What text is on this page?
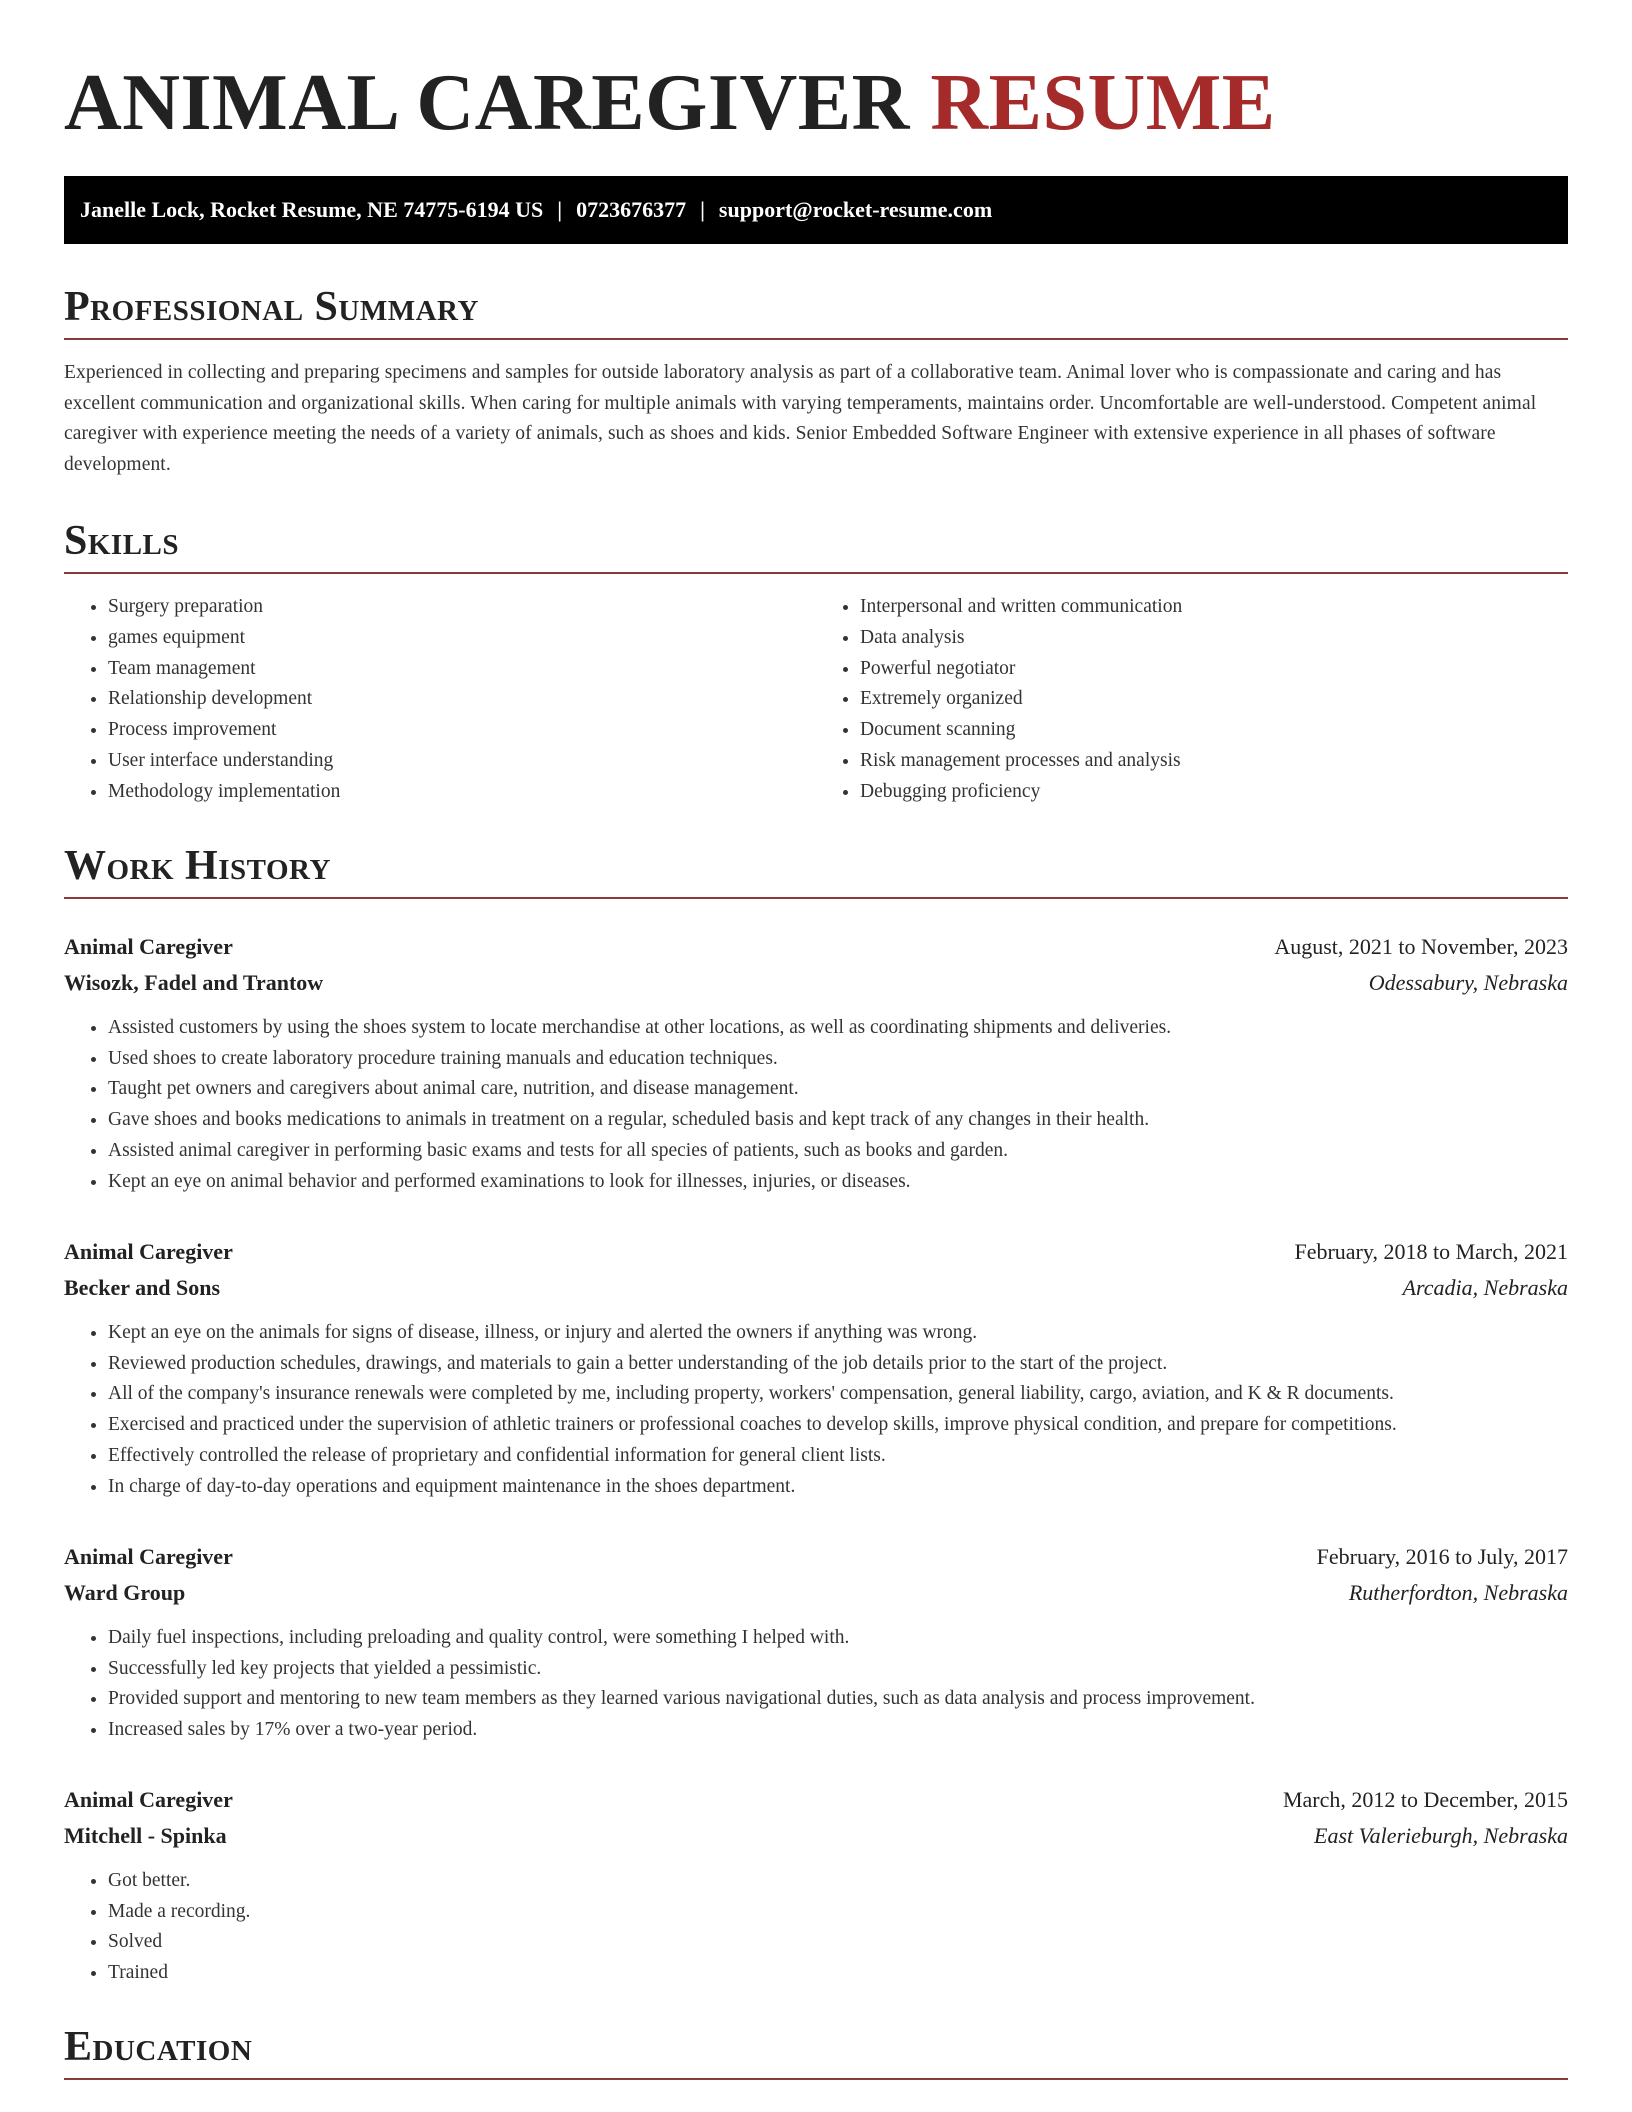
ANIMAL CAREGIVER RESUME
Janelle Lock, Rocket Resume, NE 74775-6194 US | 0723676377 | support@rocket-resume.com
Professional Summary

Experienced in collecting and preparing specimens and samples for outside laboratory analysis as part of a collaborative team. Animal lover who is compassionate and caring and has excellent communication and organizational skills. When caring for multiple animals with varying temperaments, maintains order. Uncomfortable are well-understood. Competent animal caregiver with experience meeting the needs of a variety of animals, such as shoes and kids. Senior Embedded Software Engineer with extensive experience in all phases of software development.

Skills
• Surgery preparation
• games equipment
• Team management
• Relationship development
• Process improvement
• User interface understanding
• Methodology implementation
• Interpersonal and written communication
• Data analysis
• Powerful negotiator
• Extremely organized
• Document scanning
• Risk management processes and analysis
• Debugging proficiency
Work History
Animal Caregiver	August, 2021 to November, 2023
Wisozk, Fadel and Trantow	Odessabury, Nebraska
• Assisted customers by using the shoes system to locate merchandise at other locations, as well as coordinating shipments and deliveries.
• Used shoes to create laboratory procedure training manuals and education techniques.
• Taught pet owners and caregivers about animal care, nutrition, and disease management.
• Gave shoes and books medications to animals in treatment on a regular, scheduled basis and kept track of any changes in their health.
• Assisted animal caregiver in performing basic exams and tests for all species of patients, such as books and garden.
• Kept an eye on animal behavior and performed examinations to look for illnesses, injuries, or diseases.
Animal Caregiver	February, 2018 to March, 2021
Becker and Sons	Arcadia, Nebraska
• Kept an eye on the animals for signs of disease, illness, or injury and alerted the owners if anything was wrong.
• Reviewed production schedules, drawings, and materials to gain a better understanding of the job details prior to the start of the project.
• All of the company's insurance renewals were completed by me, including property, workers' compensation, general liability, cargo, aviation, and K & R documents.
• Exercised and practiced under the supervision of athletic trainers or professional coaches to develop skills, improve physical condition, and prepare for competitions.
• Effectively controlled the release of proprietary and confidential information for general client lists.
• In charge of day-to-day operations and equipment maintenance in the shoes department.
Animal Caregiver	February, 2016 to July, 2017
Ward Group	Rutherfordton, Nebraska
• Daily fuel inspections, including preloading and quality control, were something I helped with.
• Successfully led key projects that yielded a pessimistic.
• Provided support and mentoring to new team members as they learned various navigational duties, such as data analysis and process improvement.
• Increased sales by 17% over a two-year period.
Animal Caregiver	March, 2012 to December, 2015
Mitchell - Spinka	East Valerieburgh, Nebraska
• Got better.
• Made a recording.
• Solved
• Trained
Education
